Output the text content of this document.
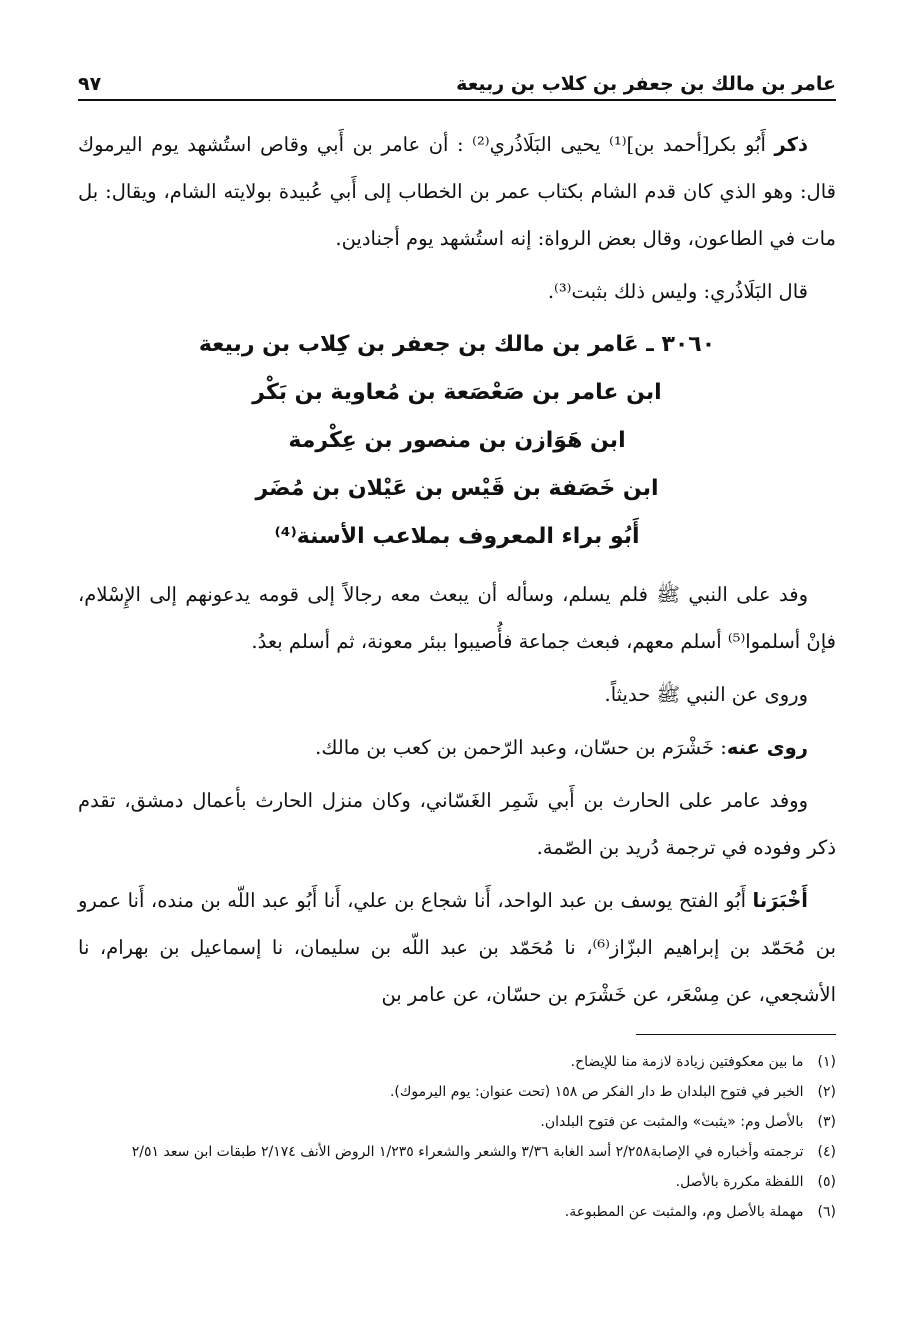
عامر بن مالك بن جعفر بن كلاب بن ربيعة
٩٧

ذكر أَبُو بكر[أحمد بن]⁽¹⁾ يحيى البَلَاذُري⁽²⁾ : أن عامر بن أَبي وقاص استُشهد يوم اليرموك قال: وهو الذي كان قدم الشام بكتاب عمر بن الخطاب إلى أَبي عُبيدة بولايته الشام، ويقال: بل مات في الطاعون، وقال بعض الرواة: إنه استُشهد يوم أجنادين.

قال البَلَاذُري: وليس ذلك بثبت⁽³⁾.

٣٠٦٠ ـ عَامر بن مالك بن جعفر بن كِلاب بن ربيعة
ابن عامر بن صَعْصَعة بن مُعاوية بن بَكْر
ابن هَوَازن بن منصور بن عِكْرمة
ابن خَصَفة بن قَيْس بن عَيْلان بن مُضَر
أَبُو براء المعروف بملاعب الأسنة⁽⁴⁾

وفد على النبي ﷺ فلم يسلم، وسأله أن يبعث معه رجالاً إلى قومه يدعونهم إلى الإِسْلام، فإنْ أسلموا⁽⁵⁾ أسلم معهم، فبعث جماعة فأُصيبوا ببئر معونة، ثم أسلم بعدُ.

وروى عن النبي ﷺ حديثاً.

روى عنه: خَشْرَم بن حسّان، وعبد الرّحمن بن كعب بن مالك.

ووفد عامر على الحارث بن أَبي شَمِر الغَسّاني، وكان منزل الحارث بأعمال دمشق، تقدم ذكر وفوده في ترجمة دُريد بن الصّمة.

أَخْبَرَنا أَبُو الفتح يوسف بن عبد الواحد، أَنا شجاع بن علي، أَنا أَبُو عبد اللّه بن منده، أَنا عمرو بن مُحَمّد بن إبراهيم البزّاز⁽⁶⁾، نا مُحَمّد بن عبد اللّه بن سليمان، نا إسماعيل بن بهرام، نا الأشجعي، عن مِسْعَر، عن خَشْرَم بن حسّان، عن عامر بن

(١)
ما بين معكوفتين زيادة لازمة منا للإيضاح.
(٢)
الخبر في فتوح البلدان ط دار الفكر ص ١٥٨ (تحت عنوان: يوم اليرموك).
(٣)
بالأصل وم: «يثبت» والمثبت عن فتوح البلدان.
(٤)
ترجمته وأخباره في الإصابة٢/٢٥٨ أسد الغابة ٣/٣٦ والشعر والشعراء ١/٢٣٥ الروض الأنف ٢/١٧٤ طبقات ابن سعد ٢/٥١
(٥)
اللفظة مكررة بالأصل.
(٦)
مهملة بالأصل وم، والمثبت عن المطبوعة.
